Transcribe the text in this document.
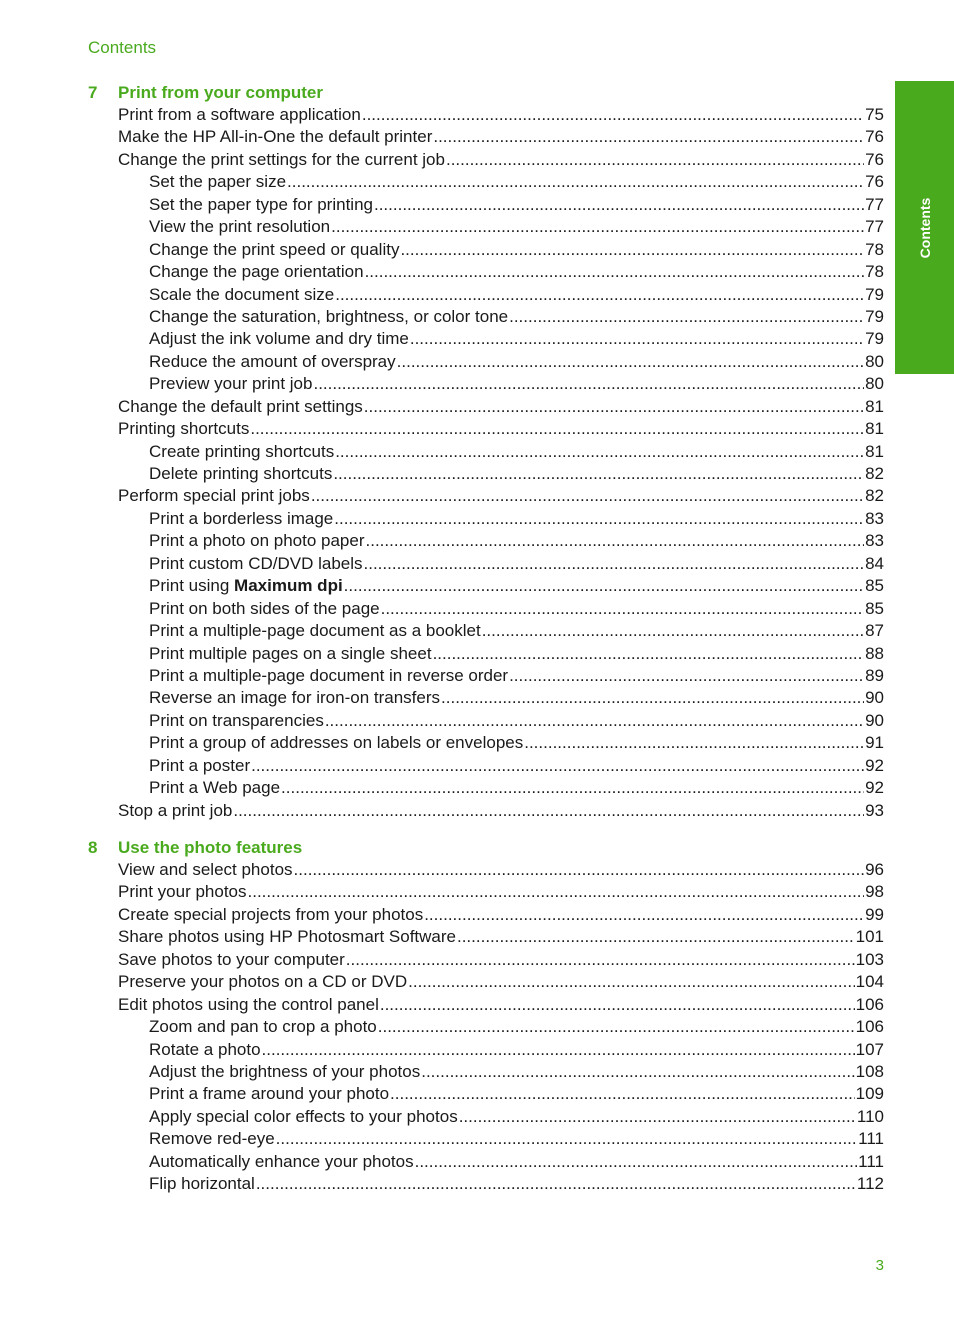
Contents
Contents
7 Print from your computer
Print from a software application .....	75
Make the HP All-in-One the default printer .....	76
Change the print settings for the current job .....	76
Set the paper size .....	76
Set the paper type for printing .....	77
View the print resolution .....	77
Change the print speed or quality .....	78
Change the page orientation .....	78
Scale the document size .....	79
Change the saturation, brightness, or color tone .....	79
Adjust the ink volume and dry time .....	79
Reduce the amount of overspray .....	80
Preview your print job .....	80
Change the default print settings .....	81
Printing shortcuts .....	81
Create printing shortcuts .....	81
Delete printing shortcuts .....	82
Perform special print jobs .....	82
Print a borderless image .....	83
Print a photo on photo paper .....	83
Print custom CD/DVD labels .....	84
Print using Maximum dpi .....	85
Print on both sides of the page .....	85
Print a multiple-page document as a booklet .....	87
Print multiple pages on a single sheet .....	88
Print a multiple-page document in reverse order .....	89
Reverse an image for iron-on transfers .....	90
Print on transparencies .....	90
Print a group of addresses on labels or envelopes .....	91
Print a poster .....	92
Print a Web page .....	92
Stop a print job .....	93
8 Use the photo features
View and select photos .....	96
Print your photos .....	98
Create special projects from your photos .....	99
Share photos using HP Photosmart Software .....	101
Save photos to your computer .....	103
Preserve your photos on a CD or DVD .....	104
Edit photos using the control panel .....	106
Zoom and pan to crop a photo .....	106
Rotate a photo .....	107
Adjust the brightness of your photos .....	108
Print a frame around your photo .....	109
Apply special color effects to your photos .....	110
Remove red-eye .....	111
Automatically enhance your photos .....	111
Flip horizontal .....	112
3
